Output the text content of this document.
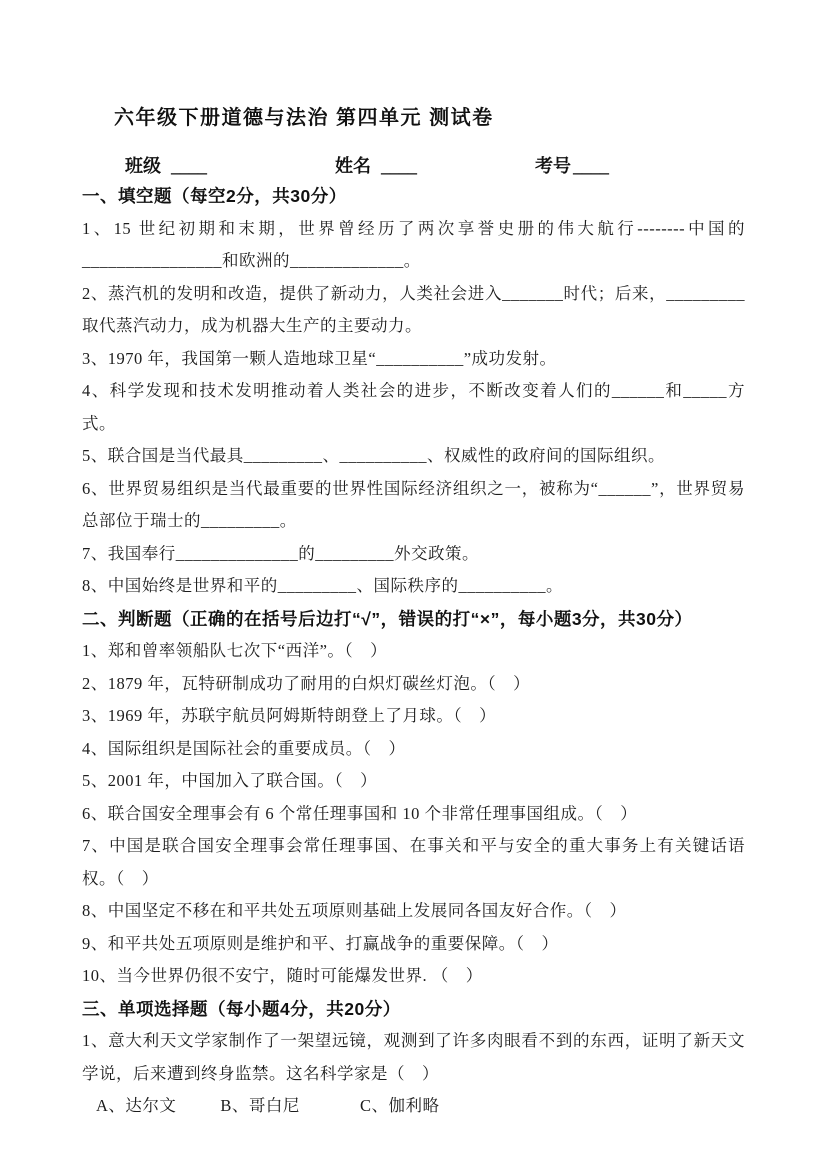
六年级下册道德与法治 第四单元 测试卷
班级 ____	姓名 ____	考号 ____
一、填空题（每空2分，共30分）

1、15 世纪初期和末期，世界曾经历了两次享誉史册的伟大航行--------中国的________________和欧洲的_____________。

2、蒸汽机的发明和改造，提供了新动力，人类社会进入_______时代；后来，_________取代蒸汽动力，成为机器大生产的主要动力。

3、1970 年，我国第一颗人造地球卫星“__________”成功发射。

4、科学发现和技术发明推动着人类社会的进步，不断改变着人们的______和_____方式。

5、联合国是当代最具_________、__________、权威性的政府间的国际组织。

6、世界贸易组织是当代最重要的世界性国际经济组织之一，被称为“______”，世界贸易总部位于瑞士的_________。

7、我国奉行______________的_________外交政策。

8、中国始终是世界和平的_________、国际秩序的__________。

二、判断题（正确的在括号后边打“√”，错误的打“×”，每小题3分，共30分）

1、郑和曾率领船队七次下“西洋”。（　）

2、1879 年，瓦特研制成功了耐用的白炽灯碳丝灯泡。（　）

3、1969 年，苏联宇航员阿姆斯特朗登上了月球。（　）

4、国际组织是国际社会的重要成员。（　）

5、2001 年，中国加入了联合国。（　）

6、联合国安全理事会有 6 个常任理事国和 10 个非常任理事国组成。（　）

7、中国是联合国安全理事会常任理事国、在事关和平与安全的重大事务上有关键话语权。（　）

8、中国坚定不移在和平共处五项原则基础上发展同各国友好合作。（　）

9、和平共处五项原则是维护和平、打赢战争的重要保障。（　）

10、当今世界仍很不安宁，随时可能爆发世界. （　）

三、单项选择题（每小题4分，共20分）

1、意大利天文学家制作了一架望远镜，观测到了许多肉眼看不到的东西，证明了新天文学说，后来遭到终身监禁。这名科学家是（　）

A、达尔文	B、哥白尼	C、伽利略
